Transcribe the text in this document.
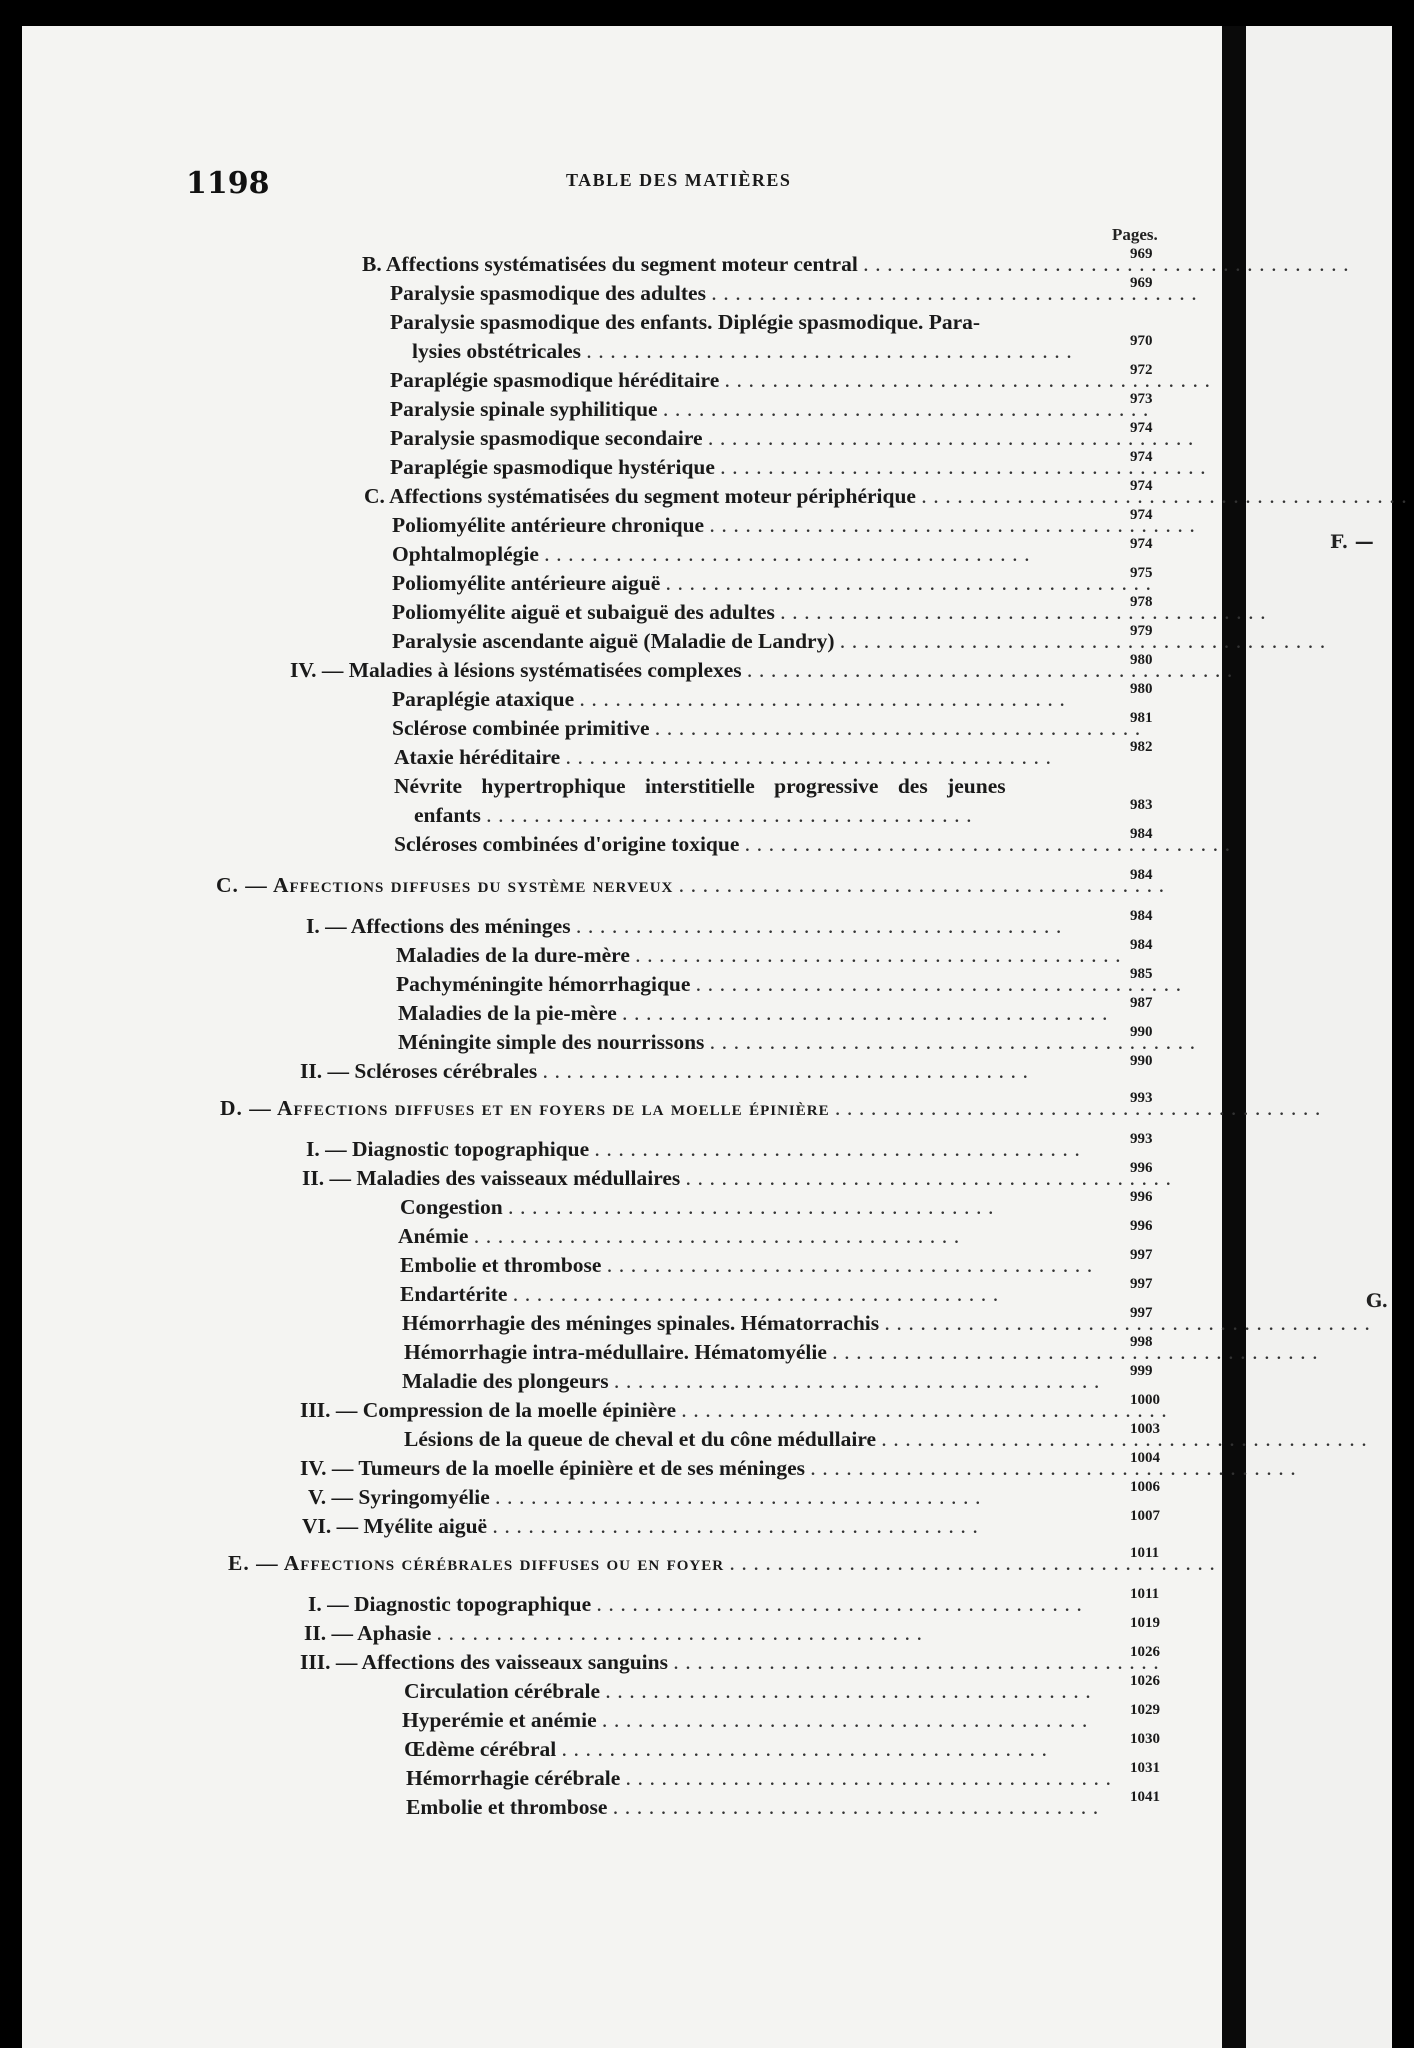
F. —
G.
1198	TABLE DES MATIÈRES
Pages.
B. Affections systématisées du segment moteur central .........................................
969
Paralysie spasmodique des adultes .........................................
969
Paralysie spasmodique des enfants. Diplégie spasmodique. Para-
lysies obstétricales .........................................
970
Paraplégie spasmodique héréditaire .........................................
972
Paralysie spinale syphilitique .........................................
973
Paralysie spasmodique secondaire .........................................
974
Paraplégie spasmodique hystérique .........................................
974
C. Affections systématisées du segment moteur périphérique .........................................
974
Poliomyélite antérieure chronique .........................................
974
Ophtalmoplégie .........................................
974
Poliomyélite antérieure aiguë .........................................
975
Poliomyélite aiguë et subaiguë des adultes .........................................
978
Paralysie ascendante aiguë (Maladie de Landry) .........................................
979
IV. — Maladies à lésions systématisées complexes .........................................
980
Paraplégie ataxique .........................................
980
Sclérose combinée primitive .........................................
981
Ataxie héréditaire .........................................
982
Névrite hypertrophique interstitielle progressive des jeunes
enfants .........................................
983
Scléroses combinées d'origine toxique .........................................
984
C. — Affections diffuses du système nerveux .........................................
984
I. — Affections des méninges .........................................
984
Maladies de la dure-mère .........................................
984
Pachyméningite hémorrhagique .........................................
985
Maladies de la pie-mère .........................................
987
Méningite simple des nourrissons .........................................
990
II. — Scléroses cérébrales .........................................
990
D. — Affections diffuses et en foyers de la moelle épinière .........................................
993
I. — Diagnostic topographique .........................................
993
II. — Maladies des vaisseaux médullaires .........................................
996
Congestion .........................................
996
Anémie .........................................
996
Embolie et thrombose .........................................
997
Endartérite .........................................
997
Hémorrhagie des méninges spinales. Hématorrachis .........................................
997
Hémorrhagie intra-médullaire. Hématomyélie .........................................
998
Maladie des plongeurs .........................................
999
III. — Compression de la moelle épinière .........................................
1000
Lésions de la queue de cheval et du cône médullaire .........................................
1003
IV. — Tumeurs de la moelle épinière et de ses méninges .........................................
1004
V. — Syringomyélie .........................................
1006
VI. — Myélite aiguë .........................................
1007
E. — Affections cérébrales diffuses ou en foyer .........................................
1011
I. — Diagnostic topographique .........................................
1011
II. — Aphasie .........................................
1019
III. — Affections des vaisseaux sanguins .........................................
1026
Circulation cérébrale .........................................
1026
Hyperémie et anémie .........................................
1029
Œdème cérébral .........................................
1030
Hémorrhagie cérébrale .........................................
1031
Embolie et thrombose .........................................
1041
